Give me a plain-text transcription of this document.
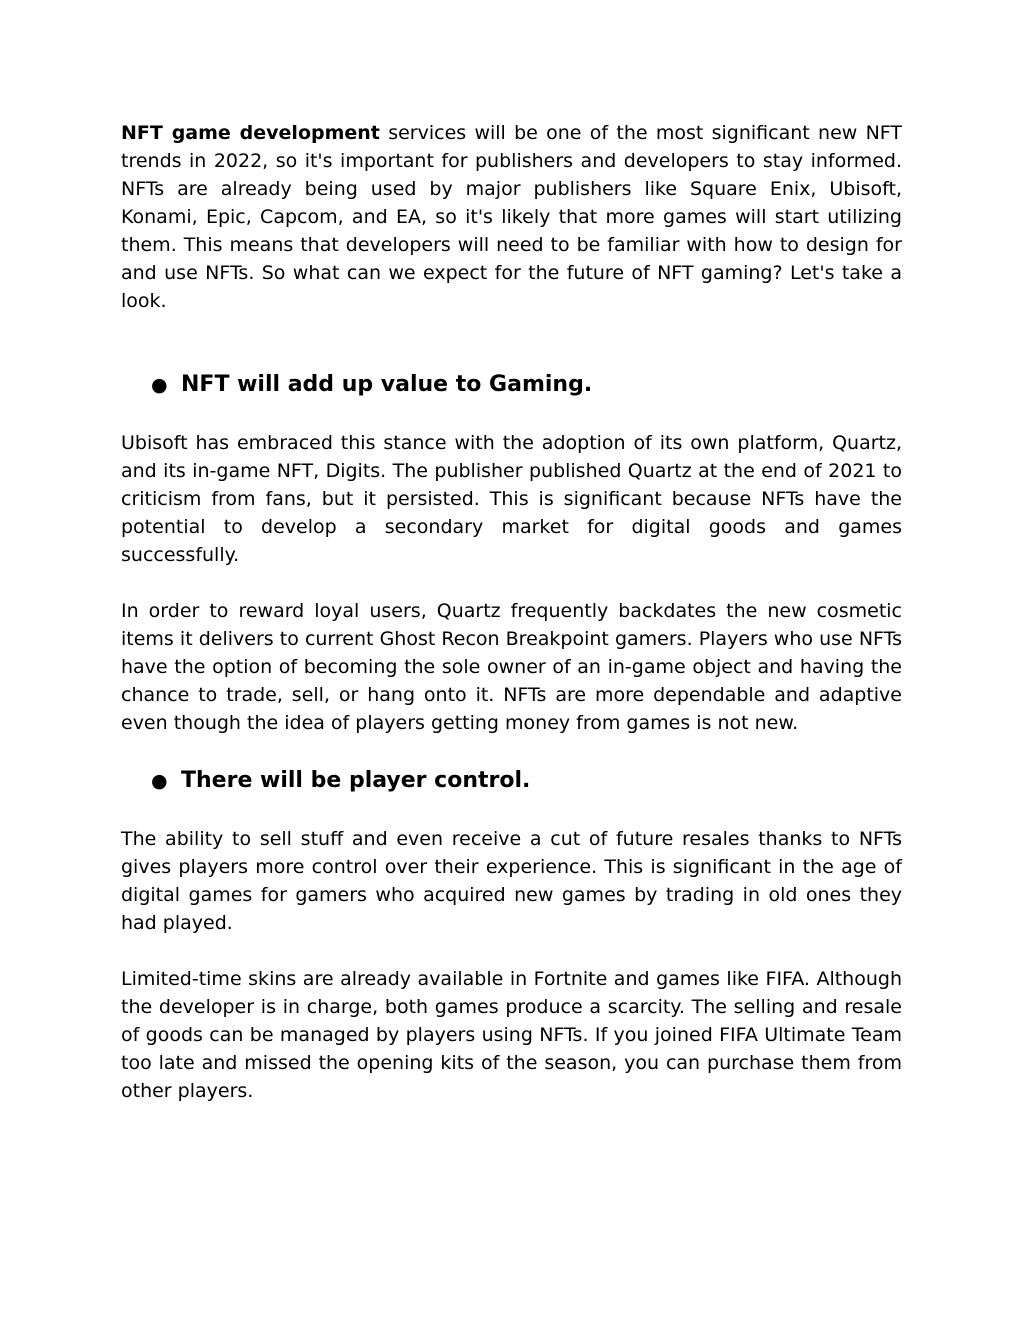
NFT game development services will be one of the most significant new NFT trends in 2022, so it's important for publishers and developers to stay informed. NFTs are already being used by major publishers like Square Enix, Ubisoft, Konami, Epic, Capcom, and EA, so it's likely that more games will start utilizing them. This means that developers will need to be familiar with how to design for and use NFTs. So what can we expect for the future of NFT gaming? Let's take a look.

● NFT will add up value to Gaming.

Ubisoft has embraced this stance with the adoption of its own platform, Quartz, and its in-game NFT, Digits. The publisher published Quartz at the end of 2021 to criticism from fans, but it persisted. This is significant because NFTs have the potential to develop a secondary market for digital goods and games successfully.

In order to reward loyal users, Quartz frequently backdates the new cosmetic items it delivers to current Ghost Recon Breakpoint gamers. Players who use NFTs have the option of becoming the sole owner of an in-game object and having the chance to trade, sell, or hang onto it. NFTs are more dependable and adaptive even though the idea of players getting money from games is not new.

● There will be player control.

The ability to sell stuff and even receive a cut of future resales thanks to NFTs gives players more control over their experience. This is significant in the age of digital games for gamers who acquired new games by trading in old ones they had played.

Limited-time skins are already available in Fortnite and games like FIFA. Although the developer is in charge, both games produce a scarcity. The selling and resale of goods can be managed by players using NFTs. If you joined FIFA Ultimate Team too late and missed the opening kits of the season, you can purchase them from other players.
